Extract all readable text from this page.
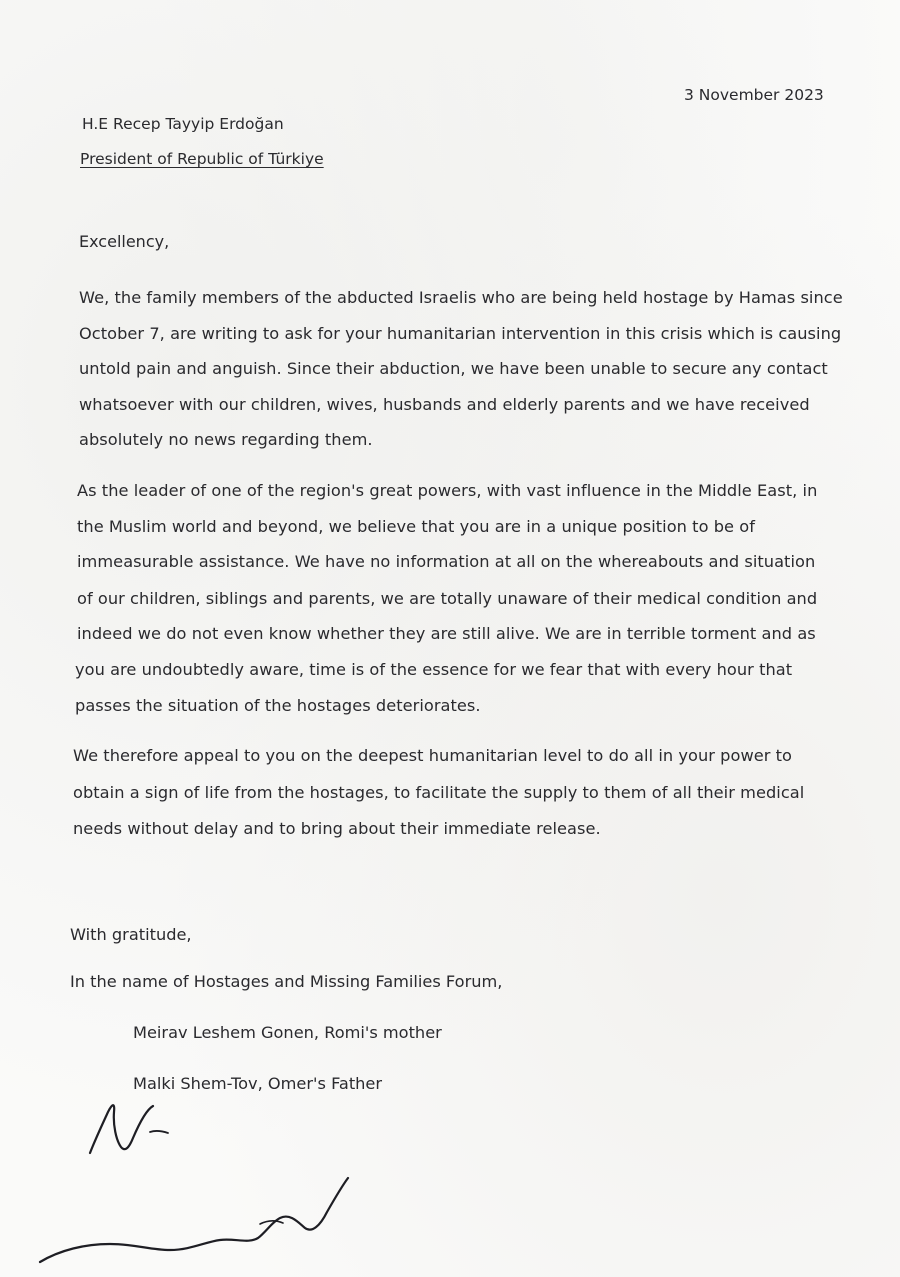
3 November 2023
H.E Recep Tayyip Erdoğan
President of Republic of Türkiye
Excellency,
We, the family members of the abducted Israelis who are being held hostage by Hamas since
October 7, are writing to ask for your humanitarian intervention in this crisis which is causing
untold pain and anguish. Since their abduction, we have been unable to secure any contact
whatsoever with our children, wives, husbands and elderly parents and we have received
absolutely no news regarding them.
As the leader of one of the region's great powers, with vast influence in the Middle East, in
the Muslim world and beyond, we believe that you are in a unique position to be of
immeasurable assistance. We have no information at all on the whereabouts and situation
of our children, siblings and parents, we are totally unaware of their medical condition and
indeed we do not even know whether they are still alive. We are in terrible torment and as
you are undoubtedly aware, time is of the essence for we fear that with every hour that
passes the situation of the hostages deteriorates.
We therefore appeal to you on the deepest humanitarian level to do all in your power to
obtain a sign of life from the hostages, to facilitate the supply to them of all their medical
needs without delay and to bring about their immediate release.
With gratitude,
In the name of Hostages and Missing Families Forum,
Meirav Leshem Gonen, Romi's mother
Malki Shem-Tov, Omer's Father
